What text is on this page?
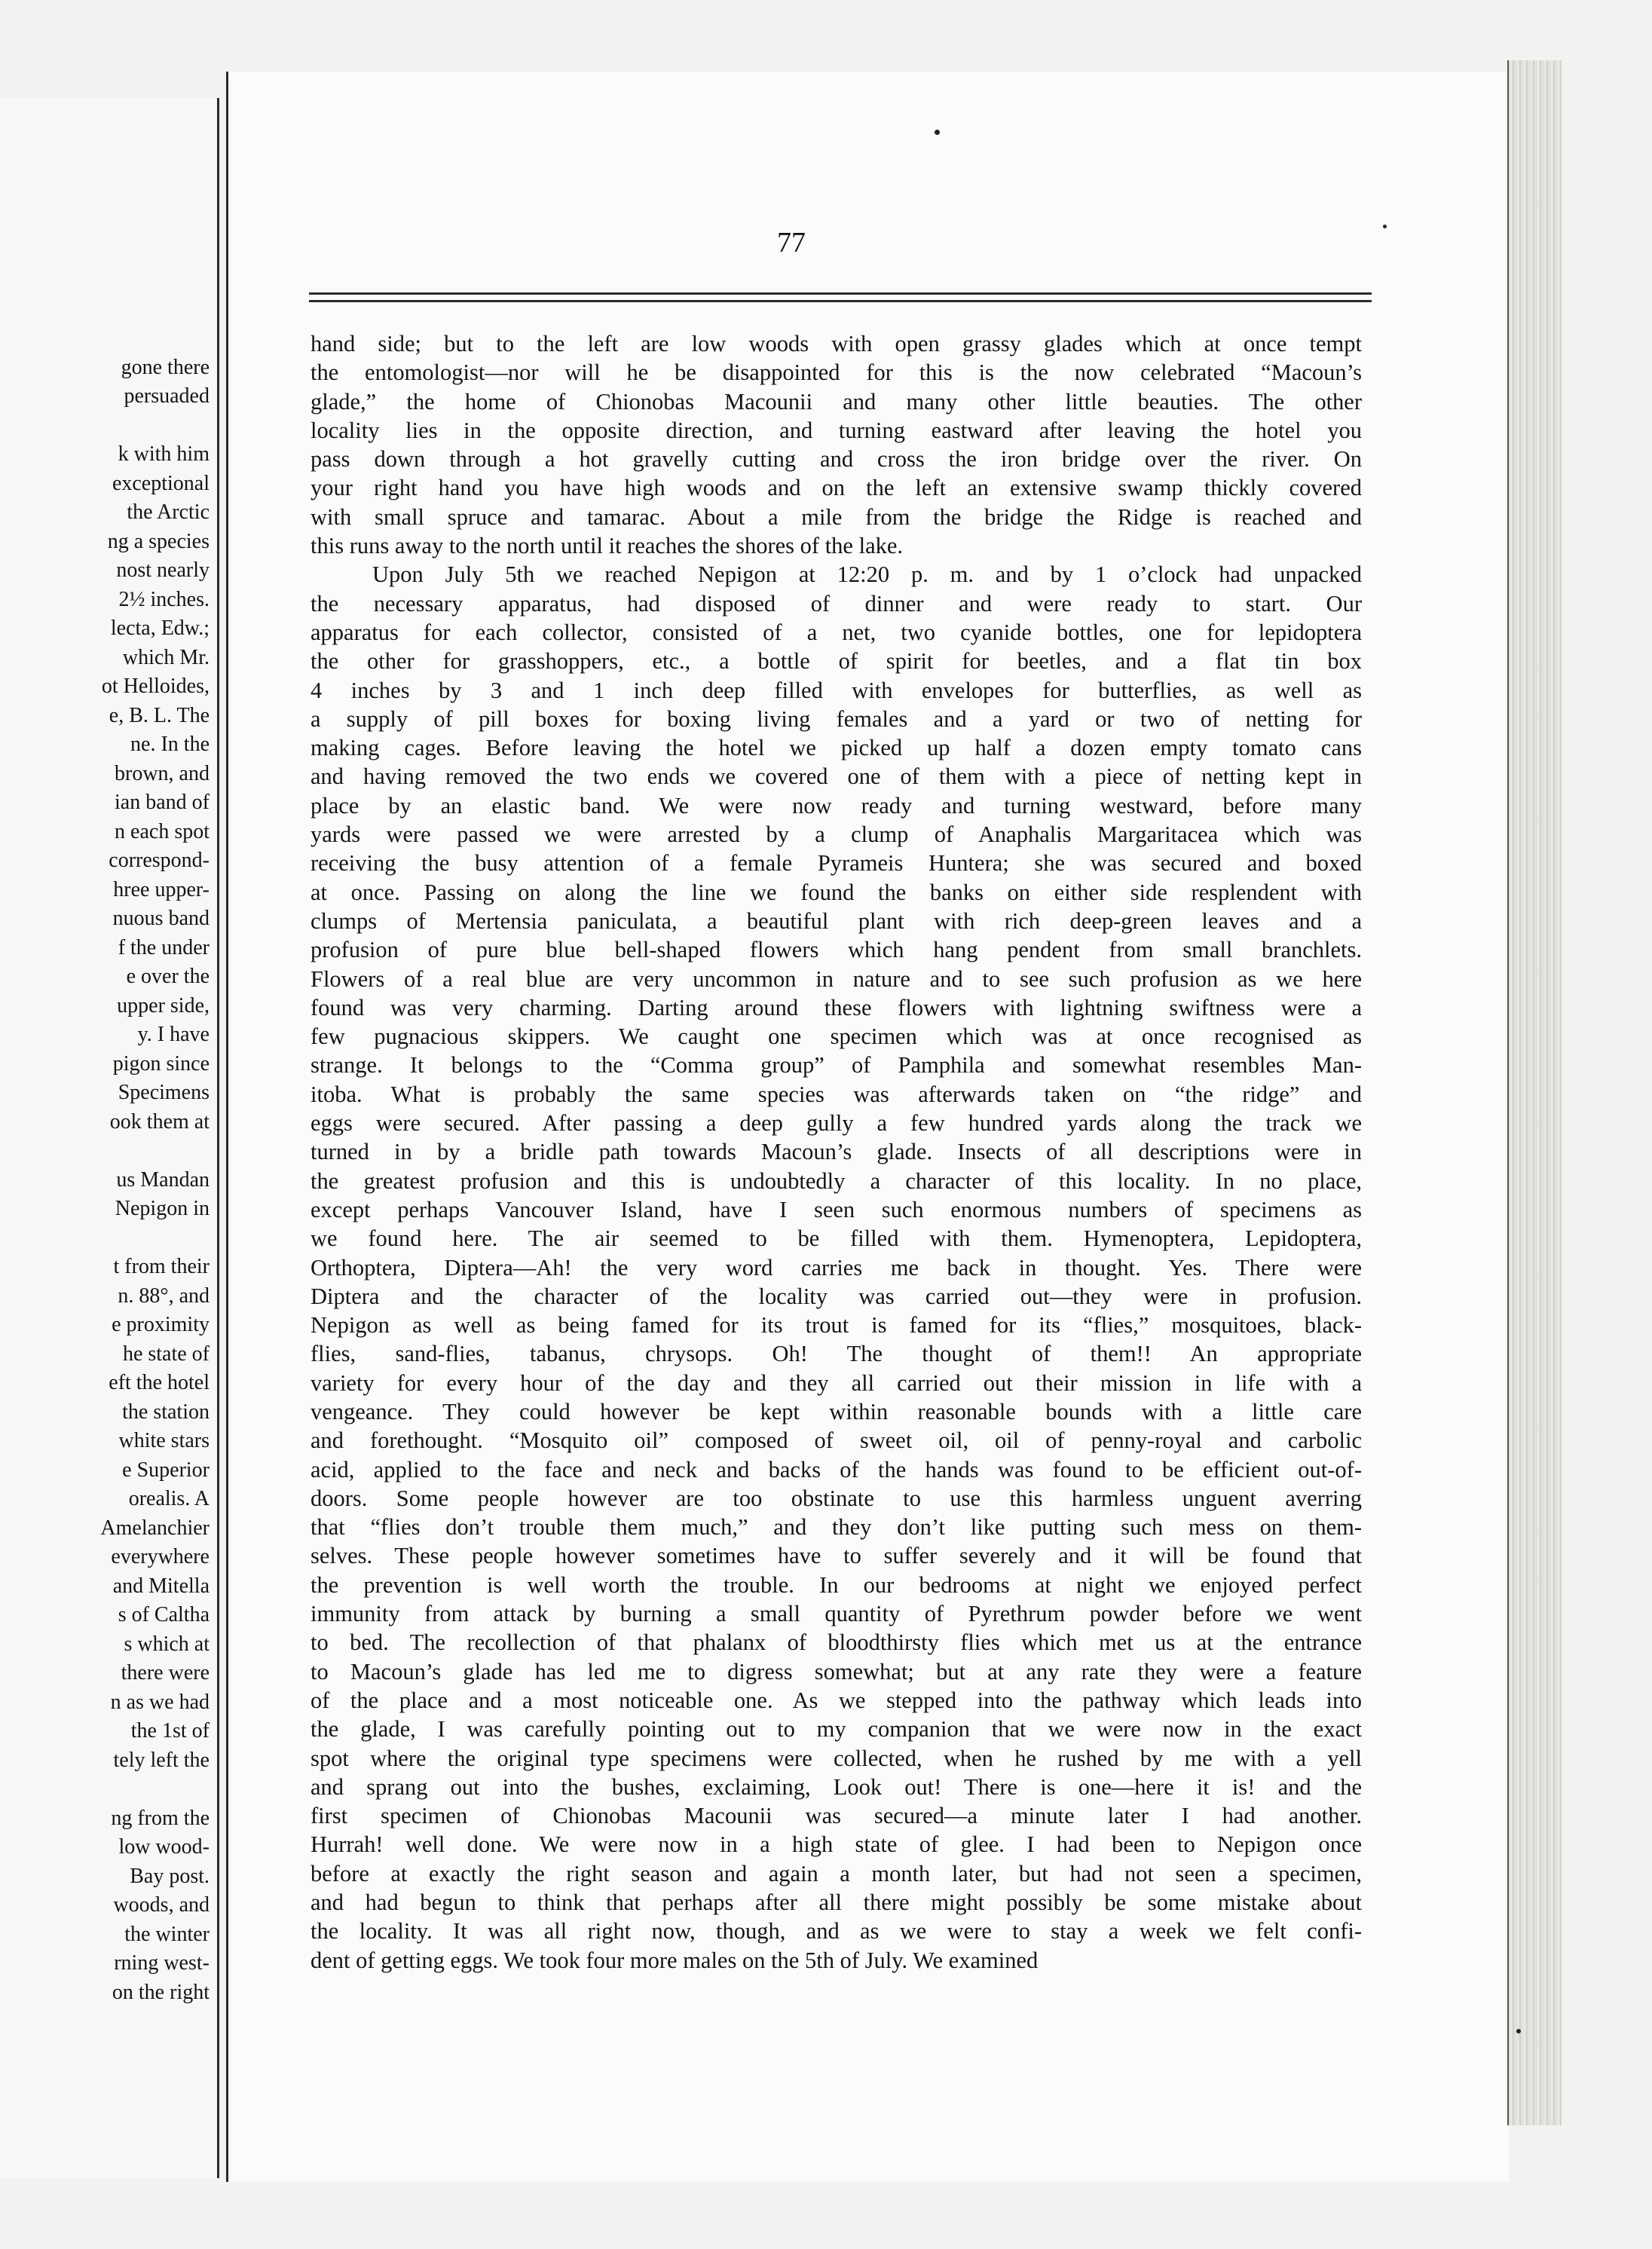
gone there
persuaded

k with him
exceptional
the Arctic
ng a species
nost nearly
2½ inches.
lecta, Edw.;
which Mr.
ot Helloides,
e, B. L. The
ne. In the
brown, and
ian band of
n each spot
correspond-
hree upper-
nuous band
f the under
e over the
upper side,
y. I have
pigon since
Specimens
ook them at

us Mandan
Nepigon in

t from their
n. 88°, and
e proximity
he state of
eft the hotel
the station
white stars
e Superior
orealis. A
Amelanchier
everywhere
and Mitella
s of Caltha
s which at
there were
n as we had
the 1st of
tely left the

ng from the
low wood-
Bay post.
woods, and
the winter
rning west-
on the right
77
hand side; but to the left are low woods with open grassy glades which at once tempt
the entomologist—nor will he be disappointed for this is the now celebrated “Macoun’s
glade,” the home of Chionobas Macounii and many other little beauties. The other
locality lies in the opposite direction, and turning eastward after leaving the hotel you
pass down through a hot gravelly cutting and cross the iron bridge over the river. On
your right hand you have high woods and on the left an extensive swamp thickly covered
with small spruce and tamarac. About a mile from the bridge the Ridge is reached and
this runs away to the north until it reaches the shores of the lake.
Upon July 5th we reached Nepigon at 12:20 p. m. and by 1 o’clock had unpacked
the necessary apparatus, had disposed of dinner and were ready to start. Our
apparatus for each collector, consisted of a net, two cyanide bottles, one for lepidoptera
the other for grasshoppers, etc., a bottle of spirit for beetles, and a flat tin box
4 inches by 3 and 1 inch deep filled with envelopes for butterflies, as well as
a supply of pill boxes for boxing living females and a yard or two of netting for
making cages. Before leaving the hotel we picked up half a dozen empty tomato cans
and having removed the two ends we covered one of them with a piece of netting kept in
place by an elastic band. We were now ready and turning westward, before many
yards were passed we were arrested by a clump of Anaphalis Margaritacea which was
receiving the busy attention of a female Pyrameis Huntera; she was secured and boxed
at once. Passing on along the line we found the banks on either side resplendent with
clumps of Mertensia paniculata, a beautiful plant with rich deep-green leaves and a
profusion of pure blue bell-shaped flowers which hang pendent from small branchlets.
Flowers of a real blue are very uncommon in nature and to see such profusion as we here
found was very charming. Darting around these flowers with lightning swiftness were a
few pugnacious skippers. We caught one specimen which was at once recognised as
strange. It belongs to the “Comma group” of Pamphila and somewhat resembles Man-
itoba. What is probably the same species was afterwards taken on “the ridge” and
eggs were secured. After passing a deep gully a few hundred yards along the track we
turned in by a bridle path towards Macoun’s glade. Insects of all descriptions were in
the greatest profusion and this is undoubtedly a character of this locality. In no place,
except perhaps Vancouver Island, have I seen such enormous numbers of specimens as
we found here. The air seemed to be filled with them. Hymenoptera, Lepidoptera,
Orthoptera, Diptera—Ah! the very word carries me back in thought. Yes. There were
Diptera and the character of the locality was carried out—they were in profusion.
Nepigon as well as being famed for its trout is famed for its “flies,” mosquitoes, black-
flies, sand-flies, tabanus, chrysops. Oh! The thought of them!! An appropriate
variety for every hour of the day and they all carried out their mission in life with a
vengeance. They could however be kept within reasonable bounds with a little care
and forethought. “Mosquito oil” composed of sweet oil, oil of penny-royal and carbolic
acid, applied to the face and neck and backs of the hands was found to be efficient out-of-
doors. Some people however are too obstinate to use this harmless unguent averring
that “flies don’t trouble them much,” and they don’t like putting such mess on them-
selves. These people however sometimes have to suffer severely and it will be found that
the prevention is well worth the trouble. In our bedrooms at night we enjoyed perfect
immunity from attack by burning a small quantity of Pyrethrum powder before we went
to bed. The recollection of that phalanx of bloodthirsty flies which met us at the entrance
to Macoun’s glade has led me to digress somewhat; but at any rate they were a feature
of the place and a most noticeable one. As we stepped into the pathway which leads into
the glade, I was carefully pointing out to my companion that we were now in the exact
spot where the original type specimens were collected, when he rushed by me with a yell
and sprang out into the bushes, exclaiming, Look out! There is one—here it is! and the
first specimen of Chionobas Macounii was secured—a minute later I had another.
Hurrah! well done. We were now in a high state of glee. I had been to Nepigon once
before at exactly the right season and again a month later, but had not seen a specimen,
and had begun to think that perhaps after all there might possibly be some mistake about
the locality. It was all right now, though, and as we were to stay a week we felt confi-
dent of getting eggs. We took four more males on the 5th of July. We examined
